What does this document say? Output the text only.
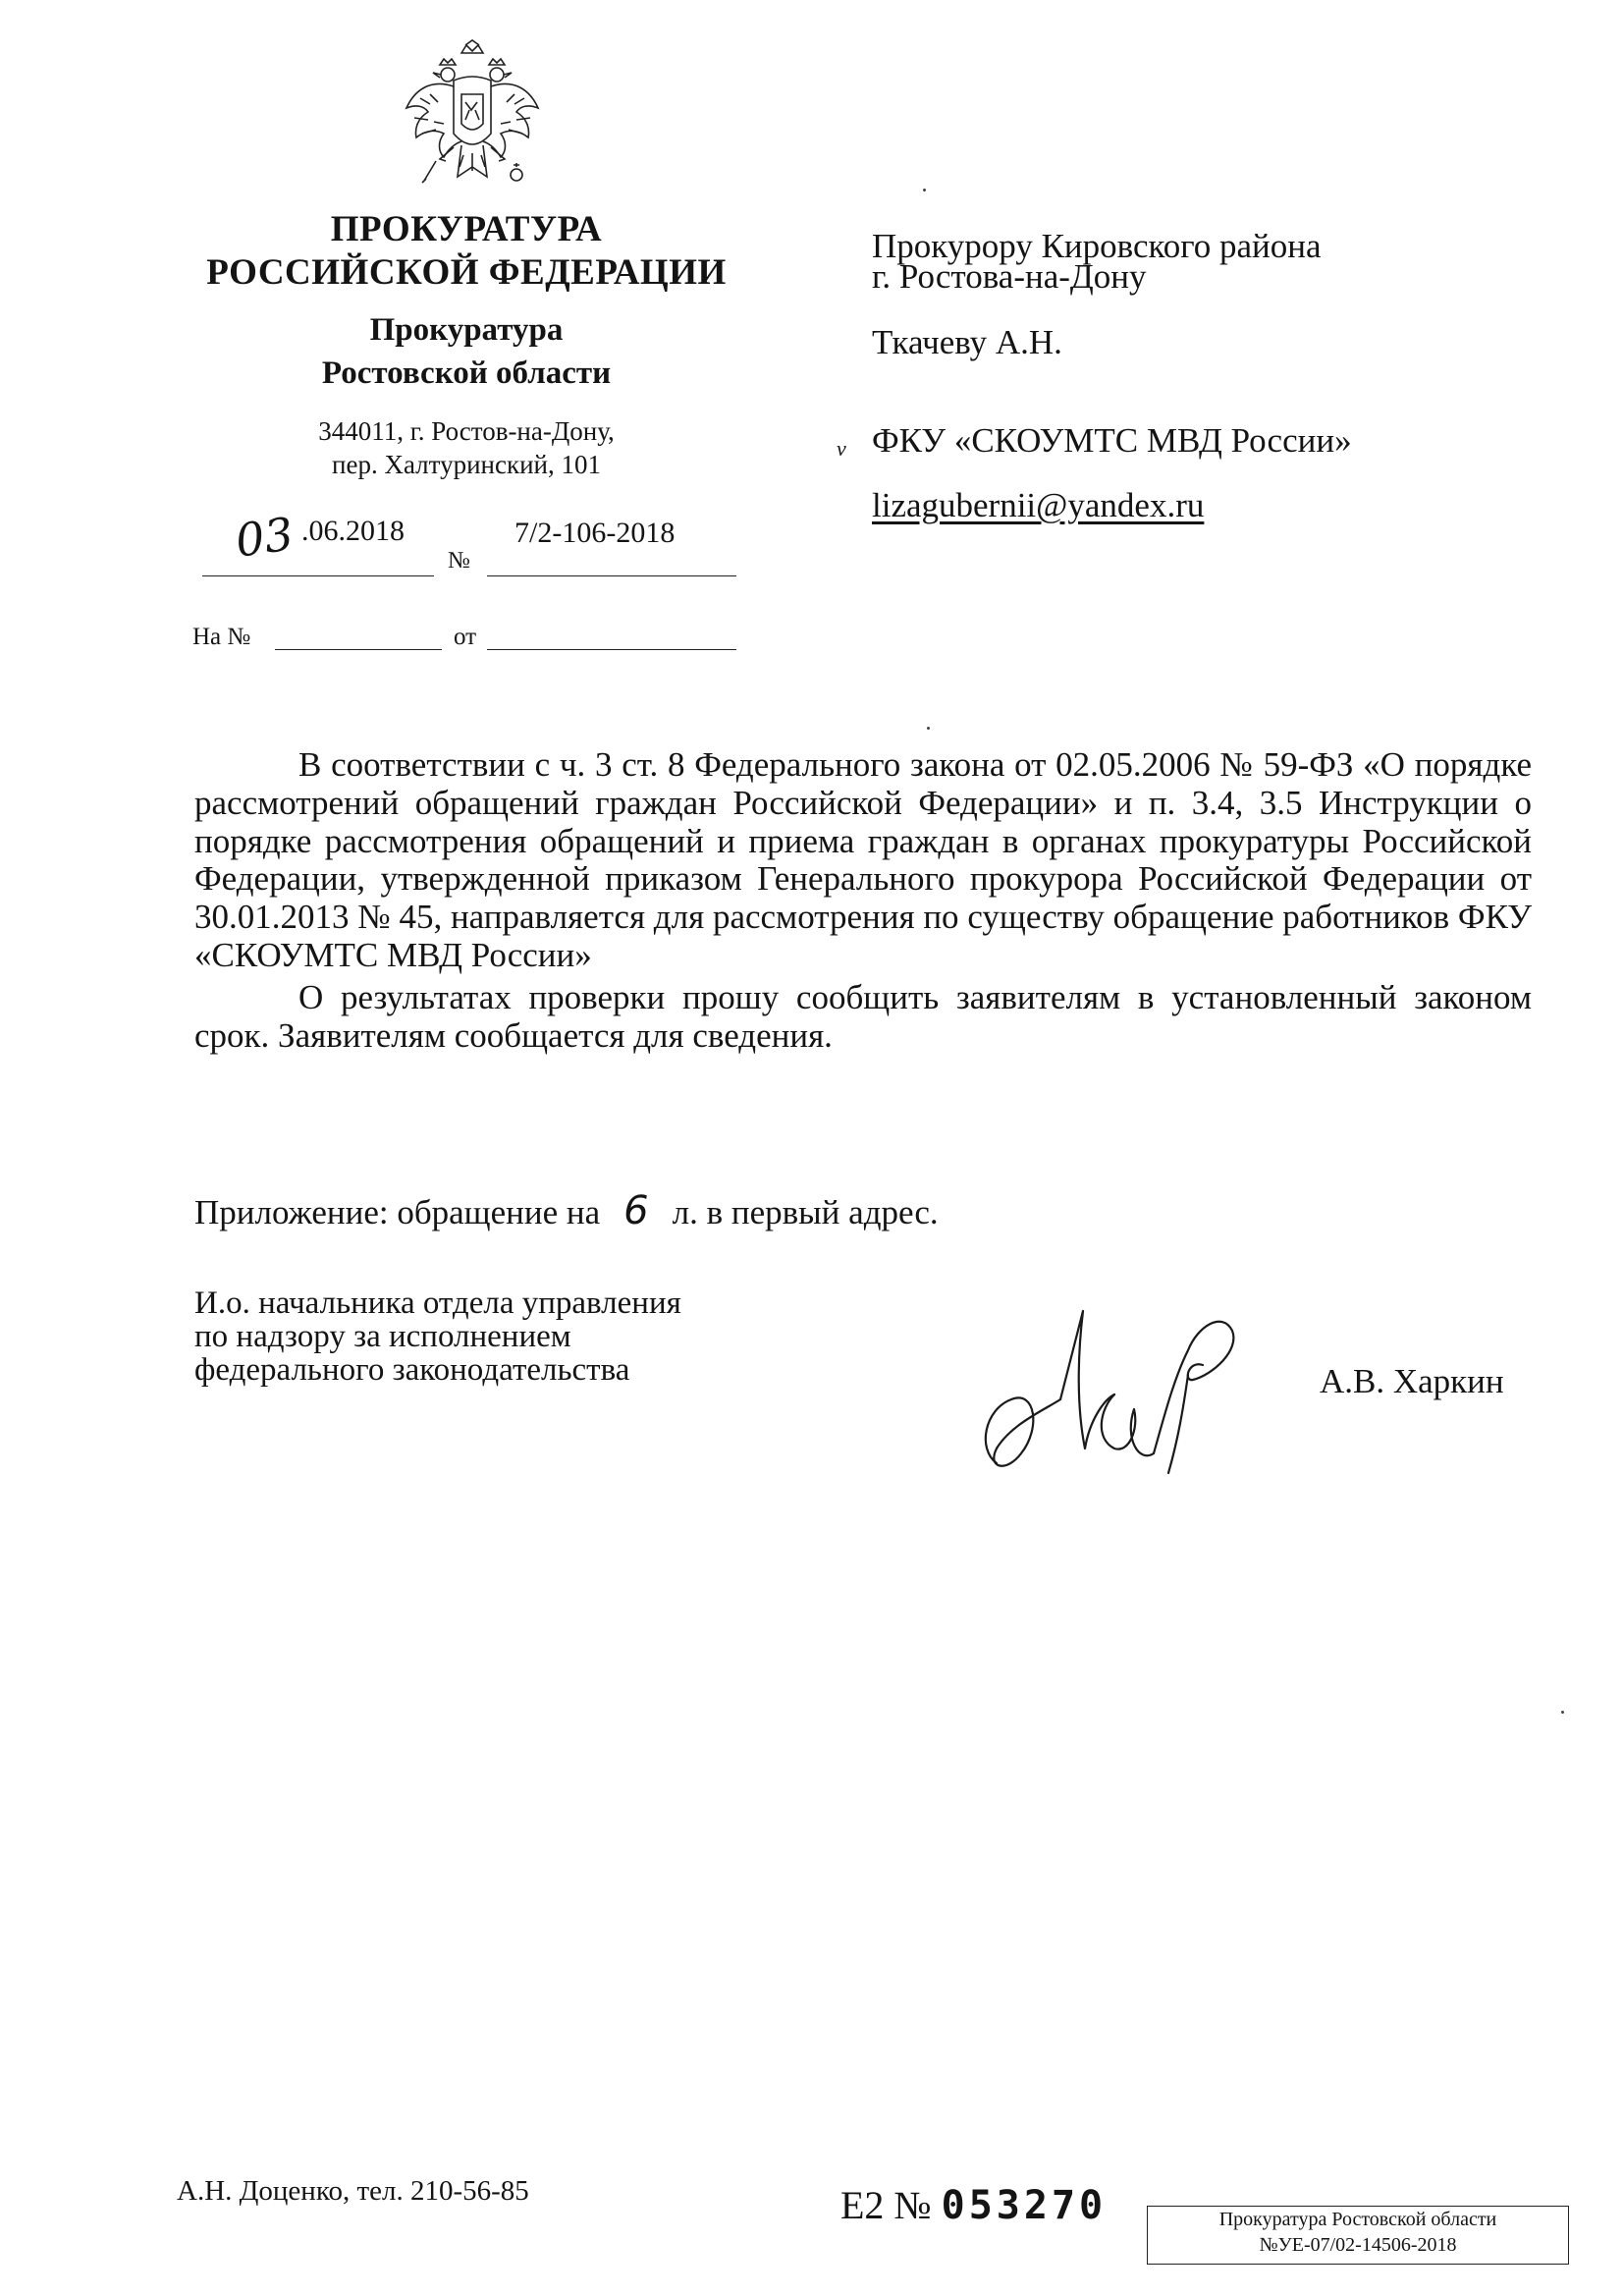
ПРОКУРАТУРА
РОССИЙСКОЙ ФЕДЕРАЦИИ
Прокуратура
Ростовской области
344011, г. Ростов-на-Дону,
пер. Халтуринский, 101
03 .06.2018
№
7/2-106-2018
На №	от
Прокурору Кировского района
г. Ростова-на-Дону
Ткачеву А.Н.
v ФКУ «СКОУМТС МВД России»
lizagubernii@yandex.ru

В соответствии с ч. 3 ст. 8 Федерального закона от 02.05.2006 № 59-ФЗ «О порядке рассмотрений обращений граждан Российской Федерации» и п. 3.4, 3.5 Инструкции о порядке рассмотрения обращений и приема граждан в органах прокуратуры Российской Федерации, утвержденной приказом Генерального прокурора Российской Федерации от 30.01.2013 № 45, направляется для рассмотрения по существу обращение работников ФКУ «СКОУМТС МВД России»

О результатах проверки прошу сообщить заявителям в установленный законом срок. Заявителям сообщается для сведения.

Приложение: обращение на 6 л. в первый адрес.
И.о. начальника отдела управления
по надзору за исполнением
федерального законодательства	А.В. Харкин
А.Н. Доценко, тел. 210-56-85	Е2 № 053270	Прокуратура Ростовской области
№УЕ-07/02-14506-2018
